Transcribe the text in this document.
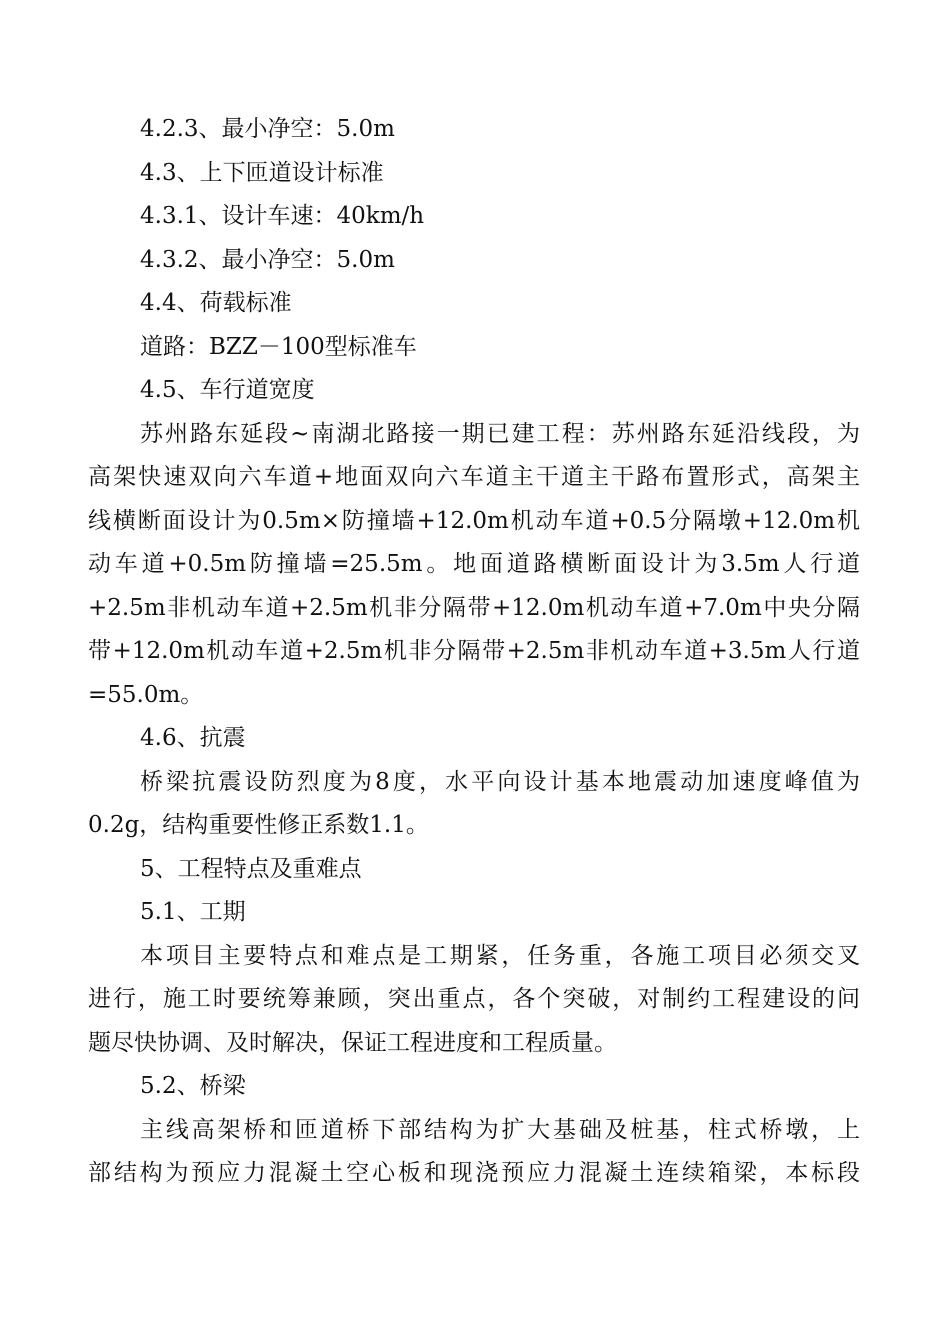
4.2.3、最小净空：5.0m
4.3、上下匝道设计标准
4.3.1、设计车速：40km/h
4.3.2、最小净空：5.0m
4.4、荷载标准
道路：BZZ－100型标准车
4.5、车行道宽度
苏州路东延段~南湖北路接一期已建工程：苏州路东延沿线段，为
高架快速双向六车道+地面双向六车道主干道主干路布置形式，高架主
线横断面设计为0.5m×防撞墙+12.0m机动车道+0.5分隔墩+12.0m机
动车道+0.5m防撞墙=25.5m。地面道路横断面设计为3.5m人行道
+2.5m非机动车道+2.5m机非分隔带+12.0m机动车道+7.0m中央分隔
带+12.0m机动车道+2.5m机非分隔带+2.5m非机动车道+3.5m人行道
=55.0m。
4.6、抗震
桥梁抗震设防烈度为8度，水平向设计基本地震动加速度峰值为
0.2g，结构重要性修正系数1.1。
5、工程特点及重难点
5.1、工期
本项目主要特点和难点是工期紧，任务重，各施工项目必须交叉
进行，施工时要统筹兼顾，突出重点，各个突破，对制约工程建设的问
题尽快协调、及时解决，保证工程进度和工程质量。
5.2、桥梁
主线高架桥和匝道桥下部结构为扩大基础及桩基，柱式桥墩，上
部结构为预应力混凝土空心板和现浇预应力混凝土连续箱梁，本标段
